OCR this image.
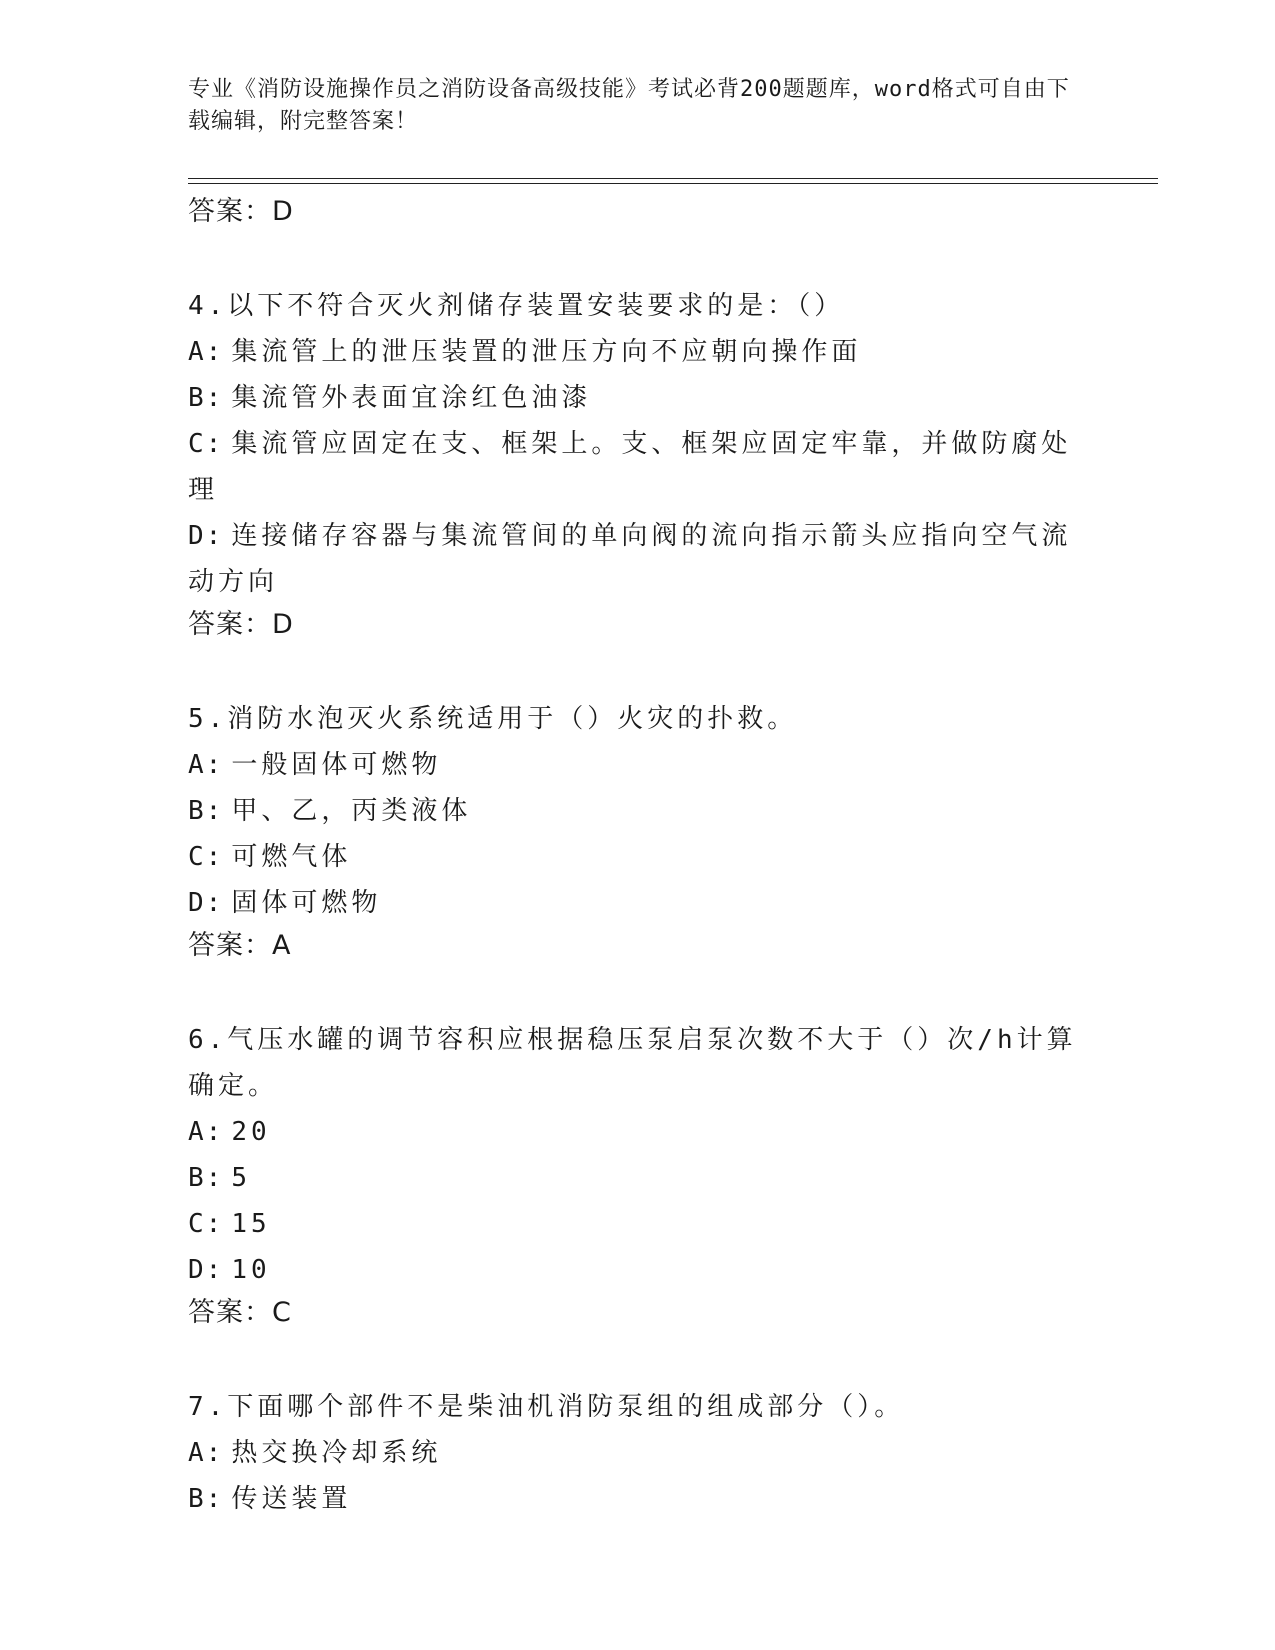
专业《消防设施操作员之消防设备高级技能》考试必背200题题库，word格式可自由下载编辑，附完整答案！
答案：D
4.以下不符合灭火剂储存装置安装要求的是：（）
A: 集流管上的泄压装置的泄压方向不应朝向操作面
B: 集流管外表面宜涂红色油漆
C: 集流管应固定在支、框架上。支、框架应固定牢靠，并做防腐处理
D: 连接储存容器与集流管间的单向阀的流向指示箭头应指向空气流动方向
答案：D
5.消防水泡灭火系统适用于（）火灾的扑救。
A: 一般固体可燃物
B: 甲、乙，丙类液体
C: 可燃气体
D: 固体可燃物
答案：A
6.气压水罐的调节容积应根据稳压泵启泵次数不大于（）次/h计算确定。
A: 20
B: 5
C: 15
D: 10
答案：C
7.下面哪个部件不是柴油机消防泵组的组成部分（）。
A: 热交换冷却系统
B: 传送装置
